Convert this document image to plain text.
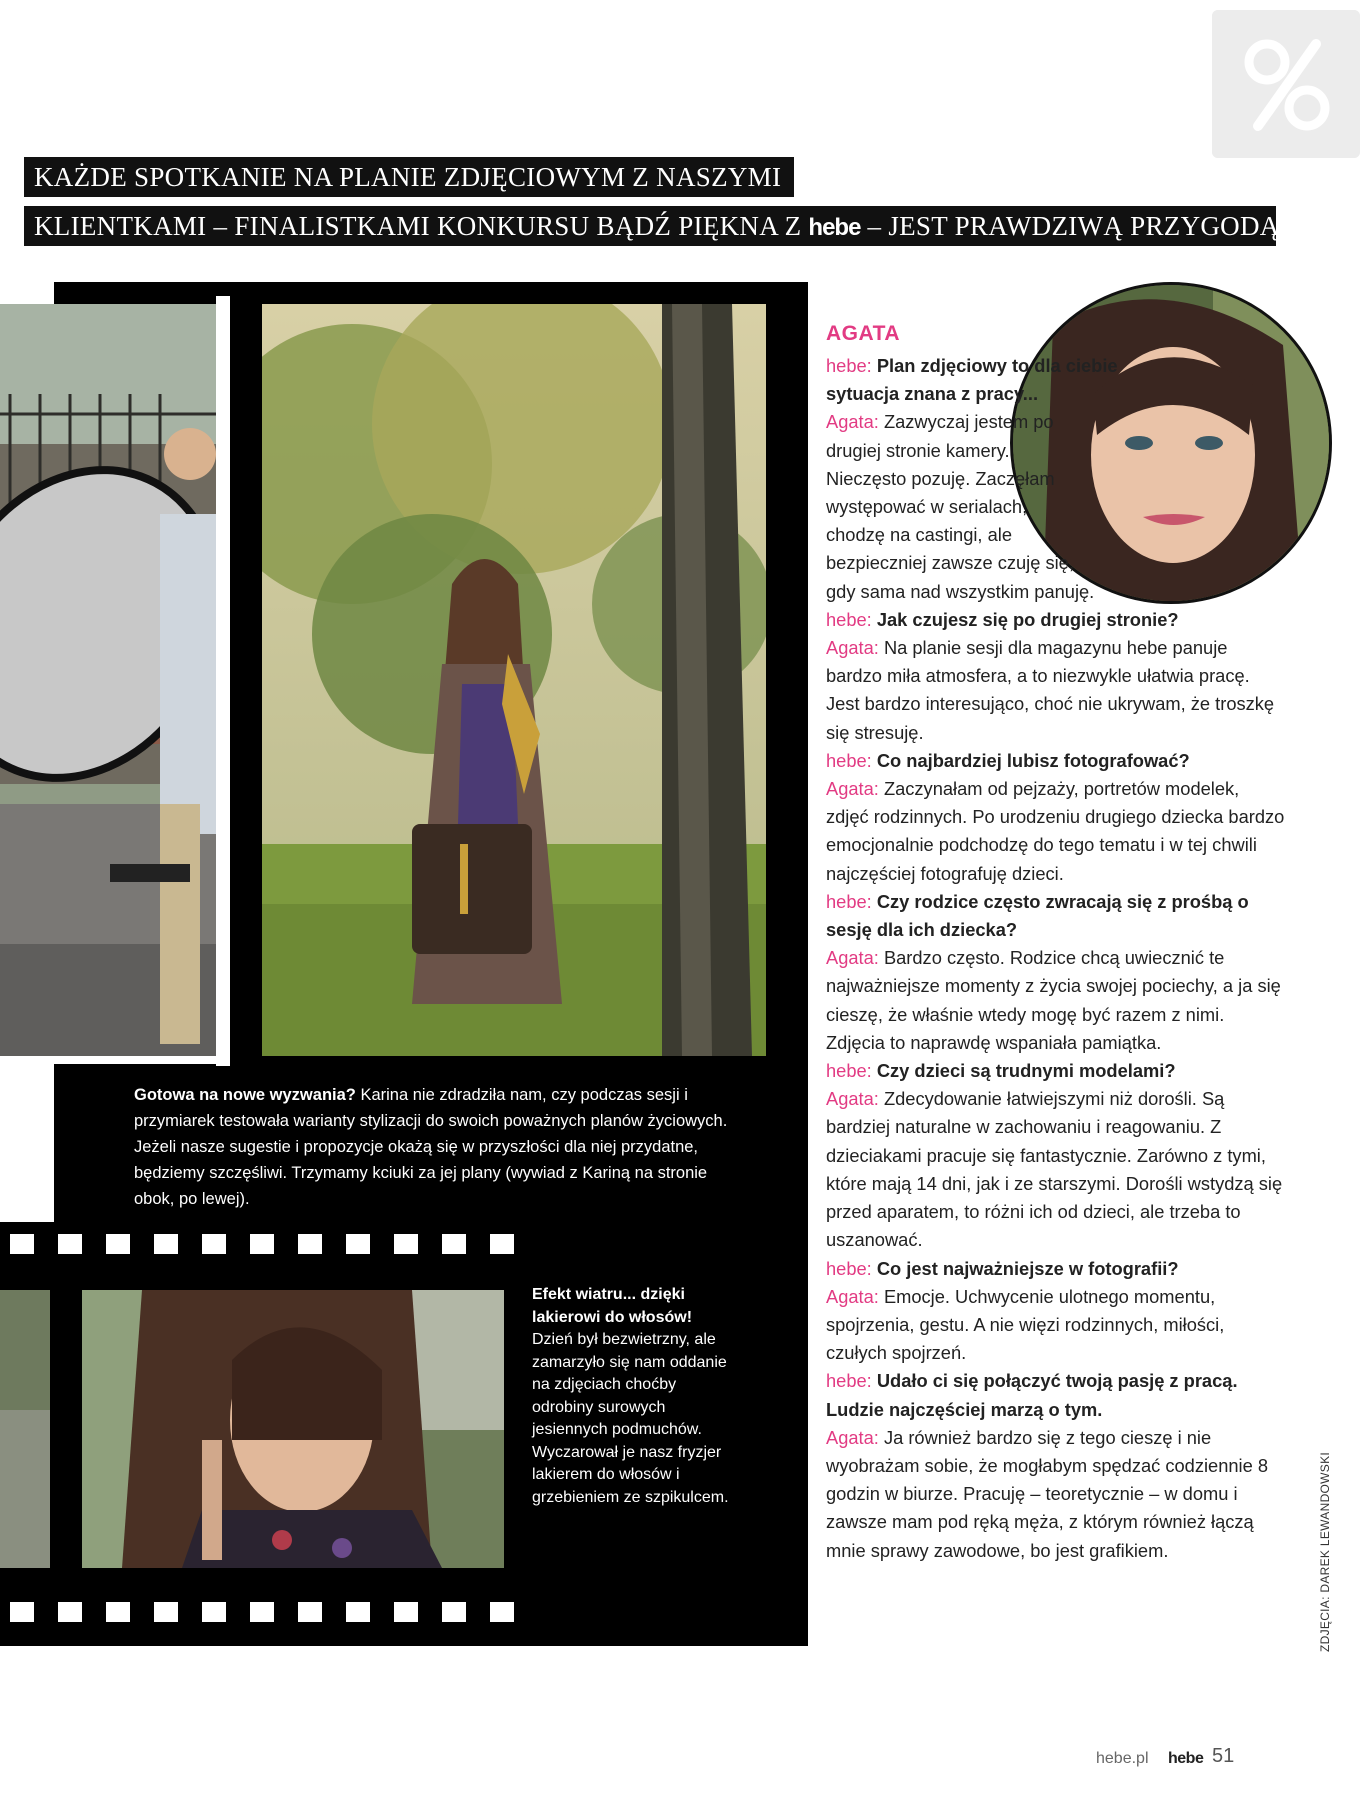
KAŻDE SPOTKANIE NA PLANIE ZDJĘCIOWYM Z NASZYMI
KLIENTKAMI – FINALISTKAMI KONKURSU BĄDŹ PIĘKNA Z hebe – JEST PRAWDZIWĄ PRZYGODĄ!
Gotowa na nowe wyzwania? Karina nie zdradziła nam, czy podczas sesji i przymiarek testowała warianty stylizacji do swoich poważnych planów życiowych. Jeżeli nasze sugestie i propozycje okażą się w przyszłości dla niej przydatne, będziemy szczęśliwi. Trzymamy kciuki za jej plany (wywiad z Kariną na stronie obok, po lewej).
Efekt wiatru... dzięki lakierowi do włosów! Dzień był bezwietrzny, ale zamarzyło się nam oddanie na zdjęciach choćby odrobiny surowych jesiennych podmuchów. Wyczarował je nasz fryzjer lakierem do włosów i grzebieniem ze szpikulcem.
AGATA

hebe: Plan zdjęciowy to dla ciebie sytuacja znana z pracy...

Agata: Zazwyczaj jestem po drugiej stronie kamery. Nieczęsto pozuję. Zaczęłam występować w serialach, chodzę na castingi, ale bezpieczniej zawsze czuję się, gdy sama nad wszystkim panuję.

hebe: Jak czujesz się po drugiej stronie?

Agata: Na planie sesji dla magazynu hebe panuje bardzo miła atmosfera, a to niezwykle ułatwia pracę. Jest bardzo interesująco, choć nie ukrywam, że troszkę się stresuję.

hebe: Co najbardziej lubisz fotografować?

Agata: Zaczynałam od pejzaży, portretów modelek, zdjęć rodzinnych. Po urodzeniu drugiego dziecka bardzo emocjonalnie podchodzę do tego tematu i w tej chwili najczęściej fotografuję dzieci.

hebe: Czy rodzice często zwracają się z prośbą o sesję dla ich dziecka?

Agata: Bardzo często. Rodzice chcą uwiecznić te najważniejsze momenty z życia swojej pociechy, a ja się cieszę, że właśnie wtedy mogę być razem z nimi. Zdjęcia to naprawdę wspaniała pamiątka.

hebe: Czy dzieci są trudnymi modelami?

Agata: Zdecydowanie łatwiejszymi niż dorośli. Są bardziej naturalne w zachowaniu i reagowaniu. Z dzieciakami pracuje się fantastycznie. Zarówno z tymi, które mają 14 dni, jak i ze starszymi. Dorośli wstydzą się przed aparatem, to różni ich od dzieci, ale trzeba to uszanować.

hebe: Co jest najważniejsze w fotografii?

Agata: Emocje. Uchwycenie ulotnego momentu, spojrzenia, gestu. A nie więzi rodzinnych, miłości, czułych spojrzeń.

hebe: Udało ci się połączyć twoją pasję z pracą. Ludzie najczęściej marzą o tym.

Agata: Ja również bardzo się z tego cieszę i nie wyobrażam sobie, że mogłabym spędzać codziennie 8 godzin w biurze. Pracuję – teoretycznie – w domu i zawsze mam pod ręką męża, z którym również łączą mnie sprawy zawodowe, bo jest grafikiem.	ZDJĘCIA: DAREK LEWANDOWSKI
hebe.pl hebe 51
